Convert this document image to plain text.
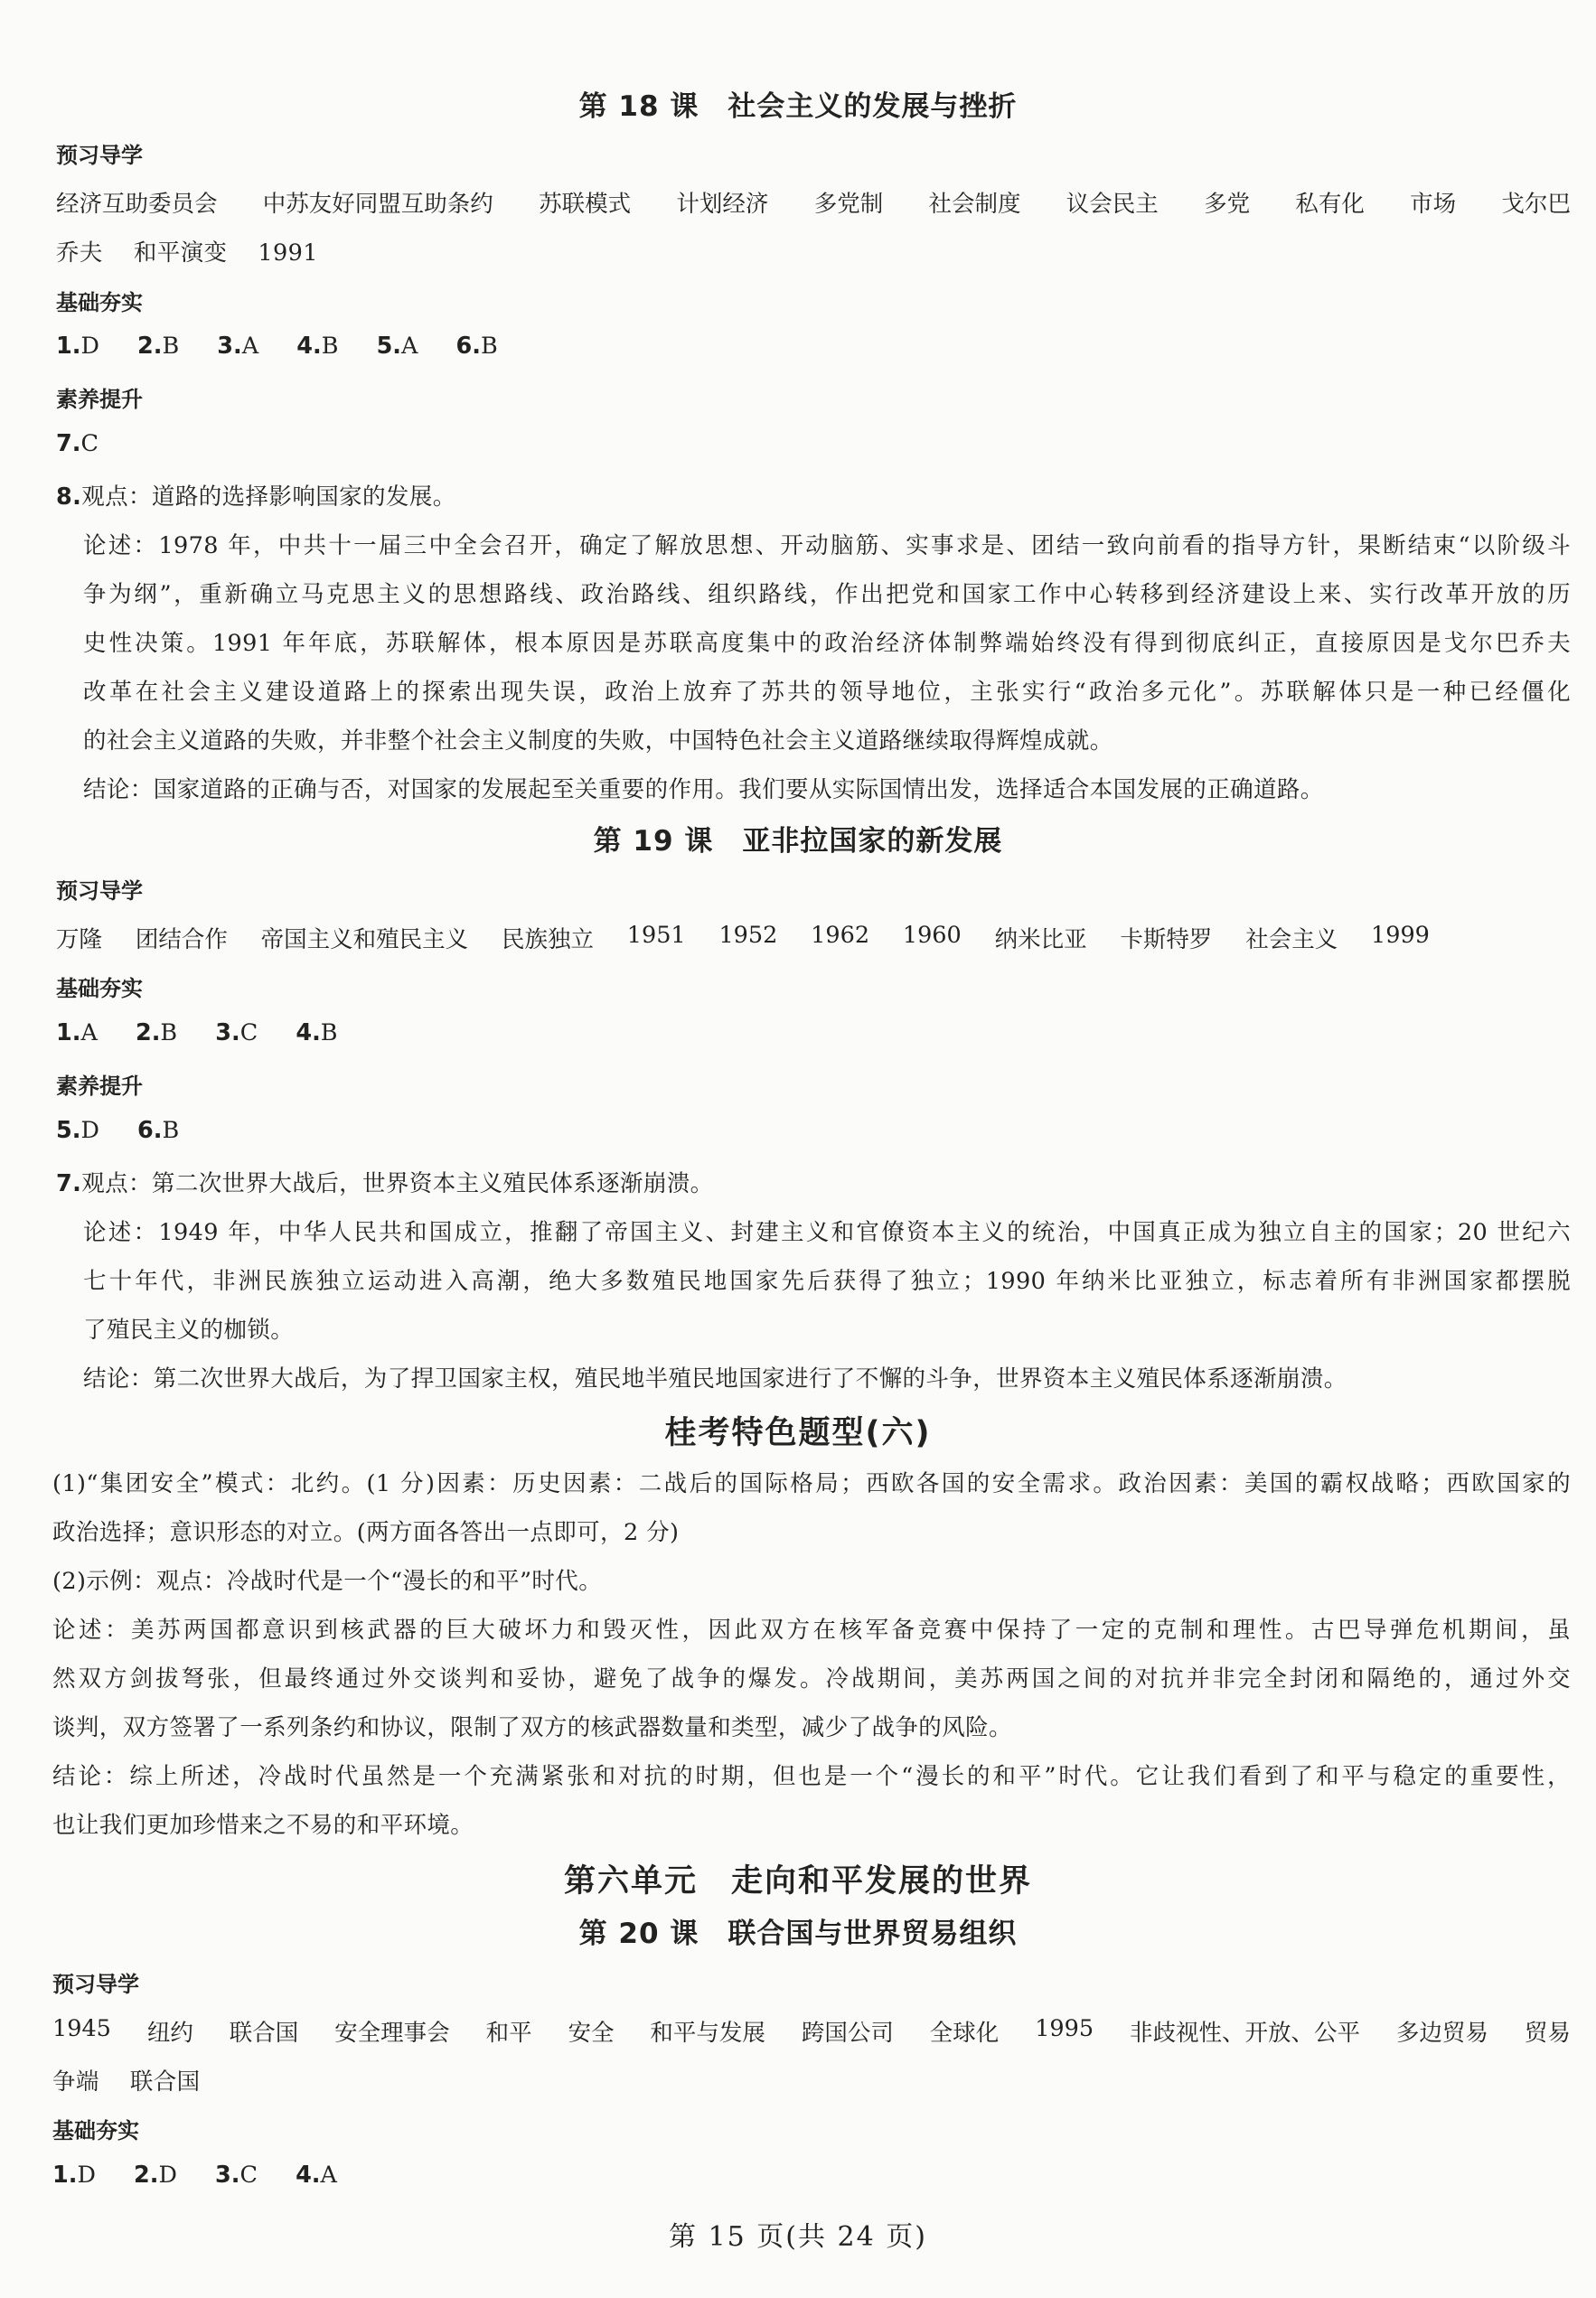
第 18 课　社会主义的发展与挫折
预习导学
经济互助委员会 中苏友好同盟互助条约 苏联模式 计划经济 多党制 社会制度 议会民主 多党 私有化 市场 戈尔巴
乔夫 和平演变 1991
基础夯实
1.D 2.B 3.A 4.B 5.A 6.B
素养提升
7.C
8.观点：道路的选择影响国家的发展。
论述：1978 年，中共十一届三中全会召开，确定了解放思想、开动脑筋、实事求是、团结一致向前看的指导方针，果断结束“以阶级斗
争为纲”，重新确立马克思主义的思想路线、政治路线、组织路线，作出把党和国家工作中心转移到经济建设上来、实行改革开放的历
史性决策。1991 年年底，苏联解体，根本原因是苏联高度集中的政治经济体制弊端始终没有得到彻底纠正，直接原因是戈尔巴乔夫
改革在社会主义建设道路上的探索出现失误，政治上放弃了苏共的领导地位，主张实行“政治多元化”。苏联解体只是一种已经僵化
的社会主义道路的失败，并非整个社会主义制度的失败，中国特色社会主义道路继续取得辉煌成就。
结论：国家道路的正确与否，对国家的发展起至关重要的作用。我们要从实际国情出发，选择适合本国发展的正确道路。
第 19 课　亚非拉国家的新发展
预习导学
万隆 团结合作 帝国主义和殖民主义 民族独立 1951 1952 1962 1960 纳米比亚 卡斯特罗 社会主义 1999
基础夯实
1.A 2.B 3.C 4.B
素养提升
5.D 6.B
7.观点：第二次世界大战后，世界资本主义殖民体系逐渐崩溃。
论述：1949 年，中华人民共和国成立，推翻了帝国主义、封建主义和官僚资本主义的统治，中国真正成为独立自主的国家；20 世纪六
七十年代，非洲民族独立运动进入高潮，绝大多数殖民地国家先后获得了独立；1990 年纳米比亚独立，标志着所有非洲国家都摆脱
了殖民主义的枷锁。
结论：第二次世界大战后，为了捍卫国家主权，殖民地半殖民地国家进行了不懈的斗争，世界资本主义殖民体系逐渐崩溃。
桂考特色题型(六)
(1)“集团安全”模式：北约。(1 分)因素：历史因素：二战后的国际格局；西欧各国的安全需求。政治因素：美国的霸权战略；西欧国家的
政治选择；意识形态的对立。(两方面各答出一点即可，2 分)
(2)示例：观点：冷战时代是一个“漫长的和平”时代。
论述：美苏两国都意识到核武器的巨大破坏力和毁灭性，因此双方在核军备竞赛中保持了一定的克制和理性。古巴导弹危机期间，虽
然双方剑拔弩张，但最终通过外交谈判和妥协，避免了战争的爆发。冷战期间，美苏两国之间的对抗并非完全封闭和隔绝的，通过外交
谈判，双方签署了一系列条约和协议，限制了双方的核武器数量和类型，减少了战争的风险。
结论：综上所述，冷战时代虽然是一个充满紧张和对抗的时期，但也是一个“漫长的和平”时代。它让我们看到了和平与稳定的重要性，
也让我们更加珍惜来之不易的和平环境。
第六单元　走向和平发展的世界
第 20 课　联合国与世界贸易组织
预习导学
1945 纽约 联合国 安全理事会 和平 安全 和平与发展 跨国公司 全球化 1995 非歧视性、开放、公平 多边贸易 贸易
争端 联合国
基础夯实
1.D 2.D 3.C 4.A
第 15 页(共 24 页)
